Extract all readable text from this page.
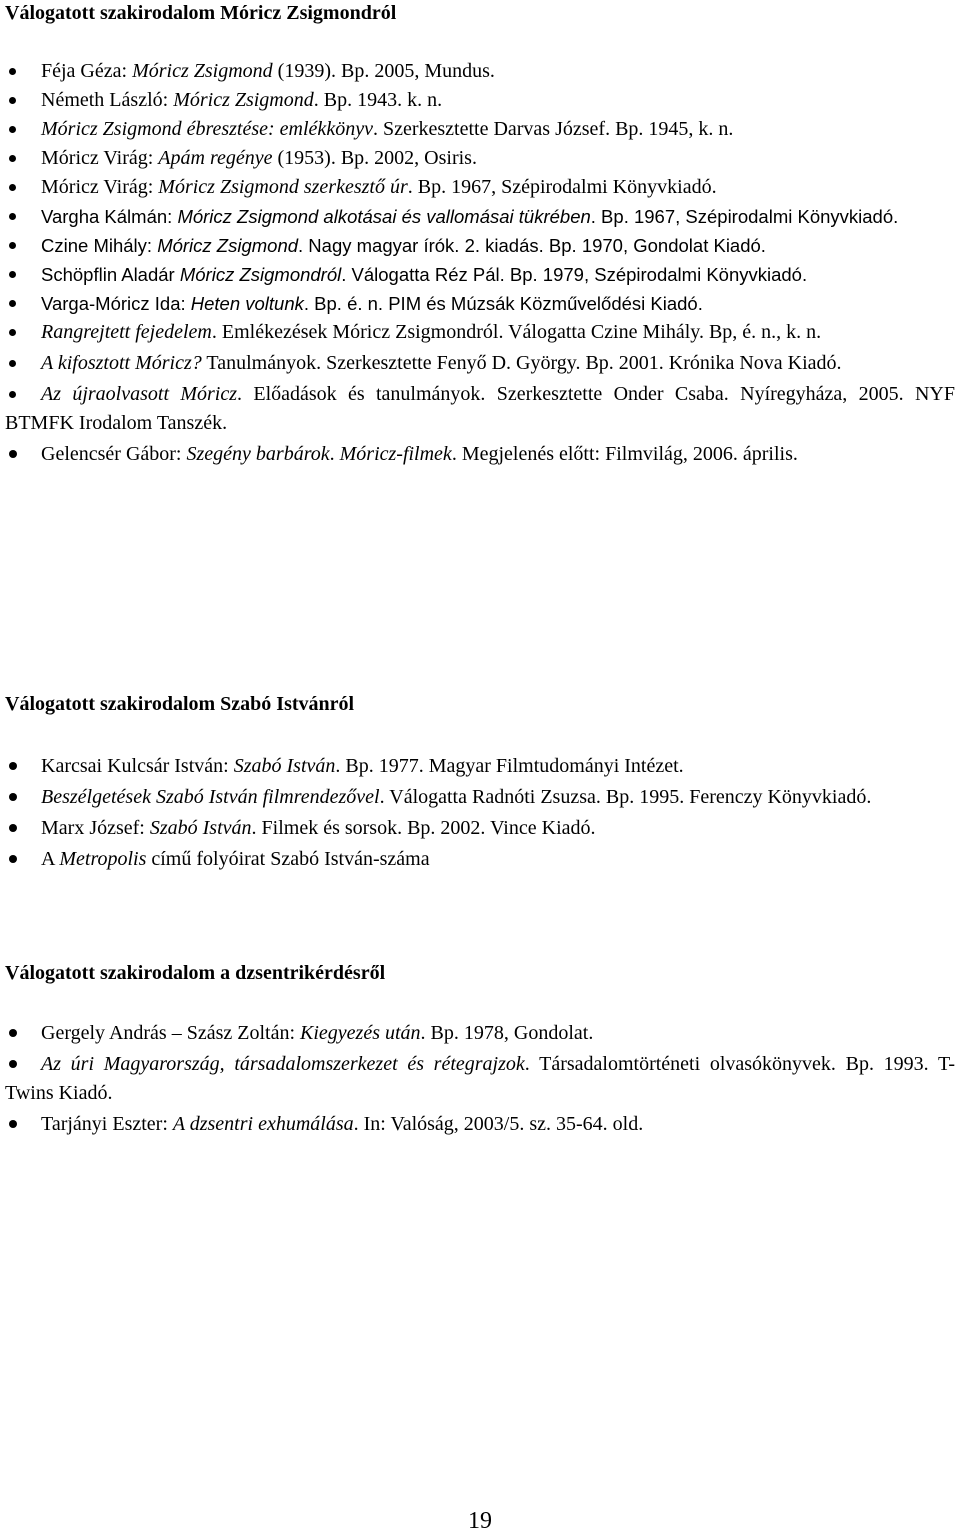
Válogatott szakirodalom Móricz Zsigmondról
Féja Géza: Móricz Zsigmond (1939). Bp. 2005, Mundus.
Németh László: Móricz Zsigmond. Bp. 1943. k. n.
Móricz Zsigmond ébresztése: emlékkönyv. Szerkesztette Darvas József. Bp. 1945, k. n.
Móricz Virág: Apám regénye (1953). Bp. 2002, Osiris.
Móricz Virág: Móricz Zsigmond szerkesztő úr. Bp. 1967, Szépirodalmi Könyvkiadó.
Vargha Kálmán: Móricz Zsigmond alkotásai és vallomásai tükrében. Bp. 1967, Szépirodalmi Könyvkiadó.
Czine Mihály: Móricz Zsigmond. Nagy magyar írók. 2. kiadás. Bp. 1970, Gondolat Kiadó.
Schöpflin Aladár Móricz Zsigmondról. Válogatta Réz Pál. Bp. 1979, Szépirodalmi Könyvkiadó.
Varga-Móricz Ida: Heten voltunk. Bp. é. n. PIM és Múzsák Közművelődési Kiadó.
Rangrejtett fejedelem. Emlékezések Móricz Zsigmondról. Válogatta Czine Mihály. Bp, é. n., k. n.
A kifosztott Móricz? Tanulmányok. Szerkesztette Fenyő D. György. Bp. 2001. Krónika Nova Kiadó.
Az újraolvasott Móricz. Előadások és tanulmányok. Szerkesztette Onder Csaba. Nyíregyháza, 2005. NYF BTMFK Irodalom Tanszék.
Gelencsér Gábor: Szegény barbárok. Móricz-filmek. Megjelenés előtt: Filmvilág, 2006. április.
Válogatott szakirodalom Szabó Istvánról
Karcsai Kulcsár István: Szabó István. Bp. 1977. Magyar Filmtudományi Intézet.
Beszélgetések Szabó István filmrendezővel. Válogatta Radnóti Zsuzsa. Bp. 1995. Ferenczy Könyvkiadó.
Marx József: Szabó István. Filmek és sorsok. Bp. 2002. Vince Kiadó.
A Metropolis című folyóirat Szabó István-száma
Válogatott szakirodalom a dzsentrikérdésről
Gergely András – Szász Zoltán: Kiegyezés után. Bp. 1978, Gondolat.
Az úri Magyarország, társadalomszerkezet és rétegrajzok. Társadalomtörténeti olvasókönyvek. Bp. 1993. T-Twins Kiadó.
Tarjányi Eszter: A dzsentri exhumálása. In: Valóság, 2003/5. sz. 35-64. old.
19
